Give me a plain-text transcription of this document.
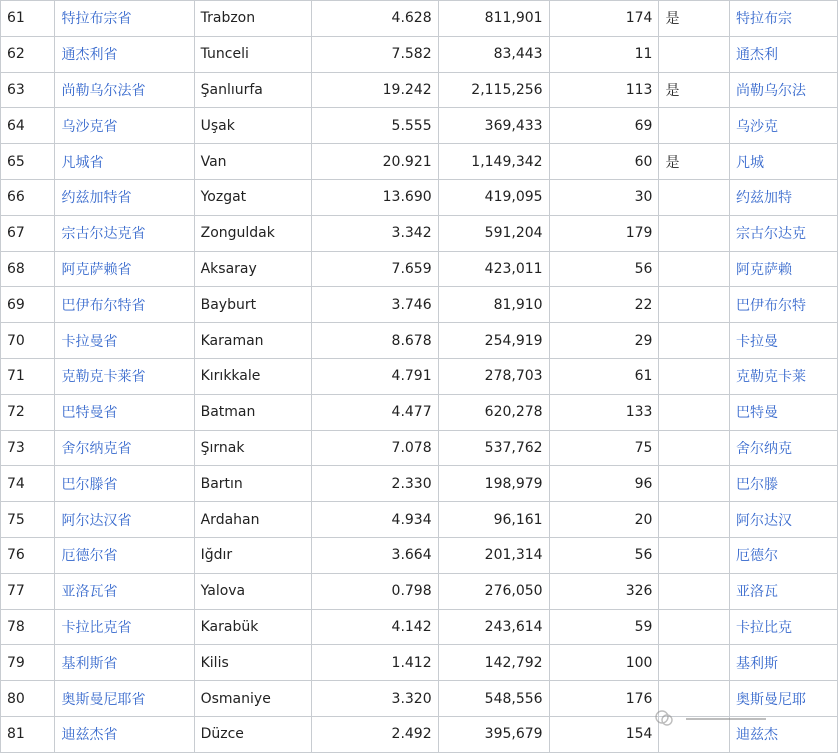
61	特拉布宗省	Trabzon	4.628	811,901	174	是	特拉布宗
62	通杰利省	Tunceli	7.582	83,443	11		通杰利
63	尚勒乌尔法省	Şanlıurfa	19.242	2,115,256	113	是	尚勒乌尔法
64	乌沙克省	Uşak	5.555	369,433	69		乌沙克
65	凡城省	Van	20.921	1,149,342	60	是	凡城
66	约兹加特省	Yozgat	13.690	419,095	30		约兹加特
67	宗古尔达克省	Zonguldak	3.342	591,204	179		宗古尔达克
68	阿克萨赖省	Aksaray	7.659	423,011	56		阿克萨赖
69	巴伊布尔特省	Bayburt	3.746	81,910	22		巴伊布尔特
70	卡拉曼省	Karaman	8.678	254,919	29		卡拉曼
71	克勒克卡莱省	Kırıkkale	4.791	278,703	61		克勒克卡莱
72	巴特曼省	Batman	4.477	620,278	133		巴特曼
73	舍尔纳克省	Şırnak	7.078	537,762	75		舍尔纳克
74	巴尔滕省	Bartın	2.330	198,979	96		巴尔滕
75	阿尔达汉省	Ardahan	4.934	96,161	20		阿尔达汉
76	厄德尔省	Iğdır	3.664	201,314	56		厄德尔
77	亚洛瓦省	Yalova	0.798	276,050	326		亚洛瓦
78	卡拉比克省	Karabük	4.142	243,614	59		卡拉比克
79	基利斯省	Kilis	1.412	142,792	100		基利斯
80	奥斯曼尼耶省	Osmaniye	3.320	548,556	176		奥斯曼尼耶
81	迪兹杰省	Düzce	2.492	395,679	154		迪兹杰
